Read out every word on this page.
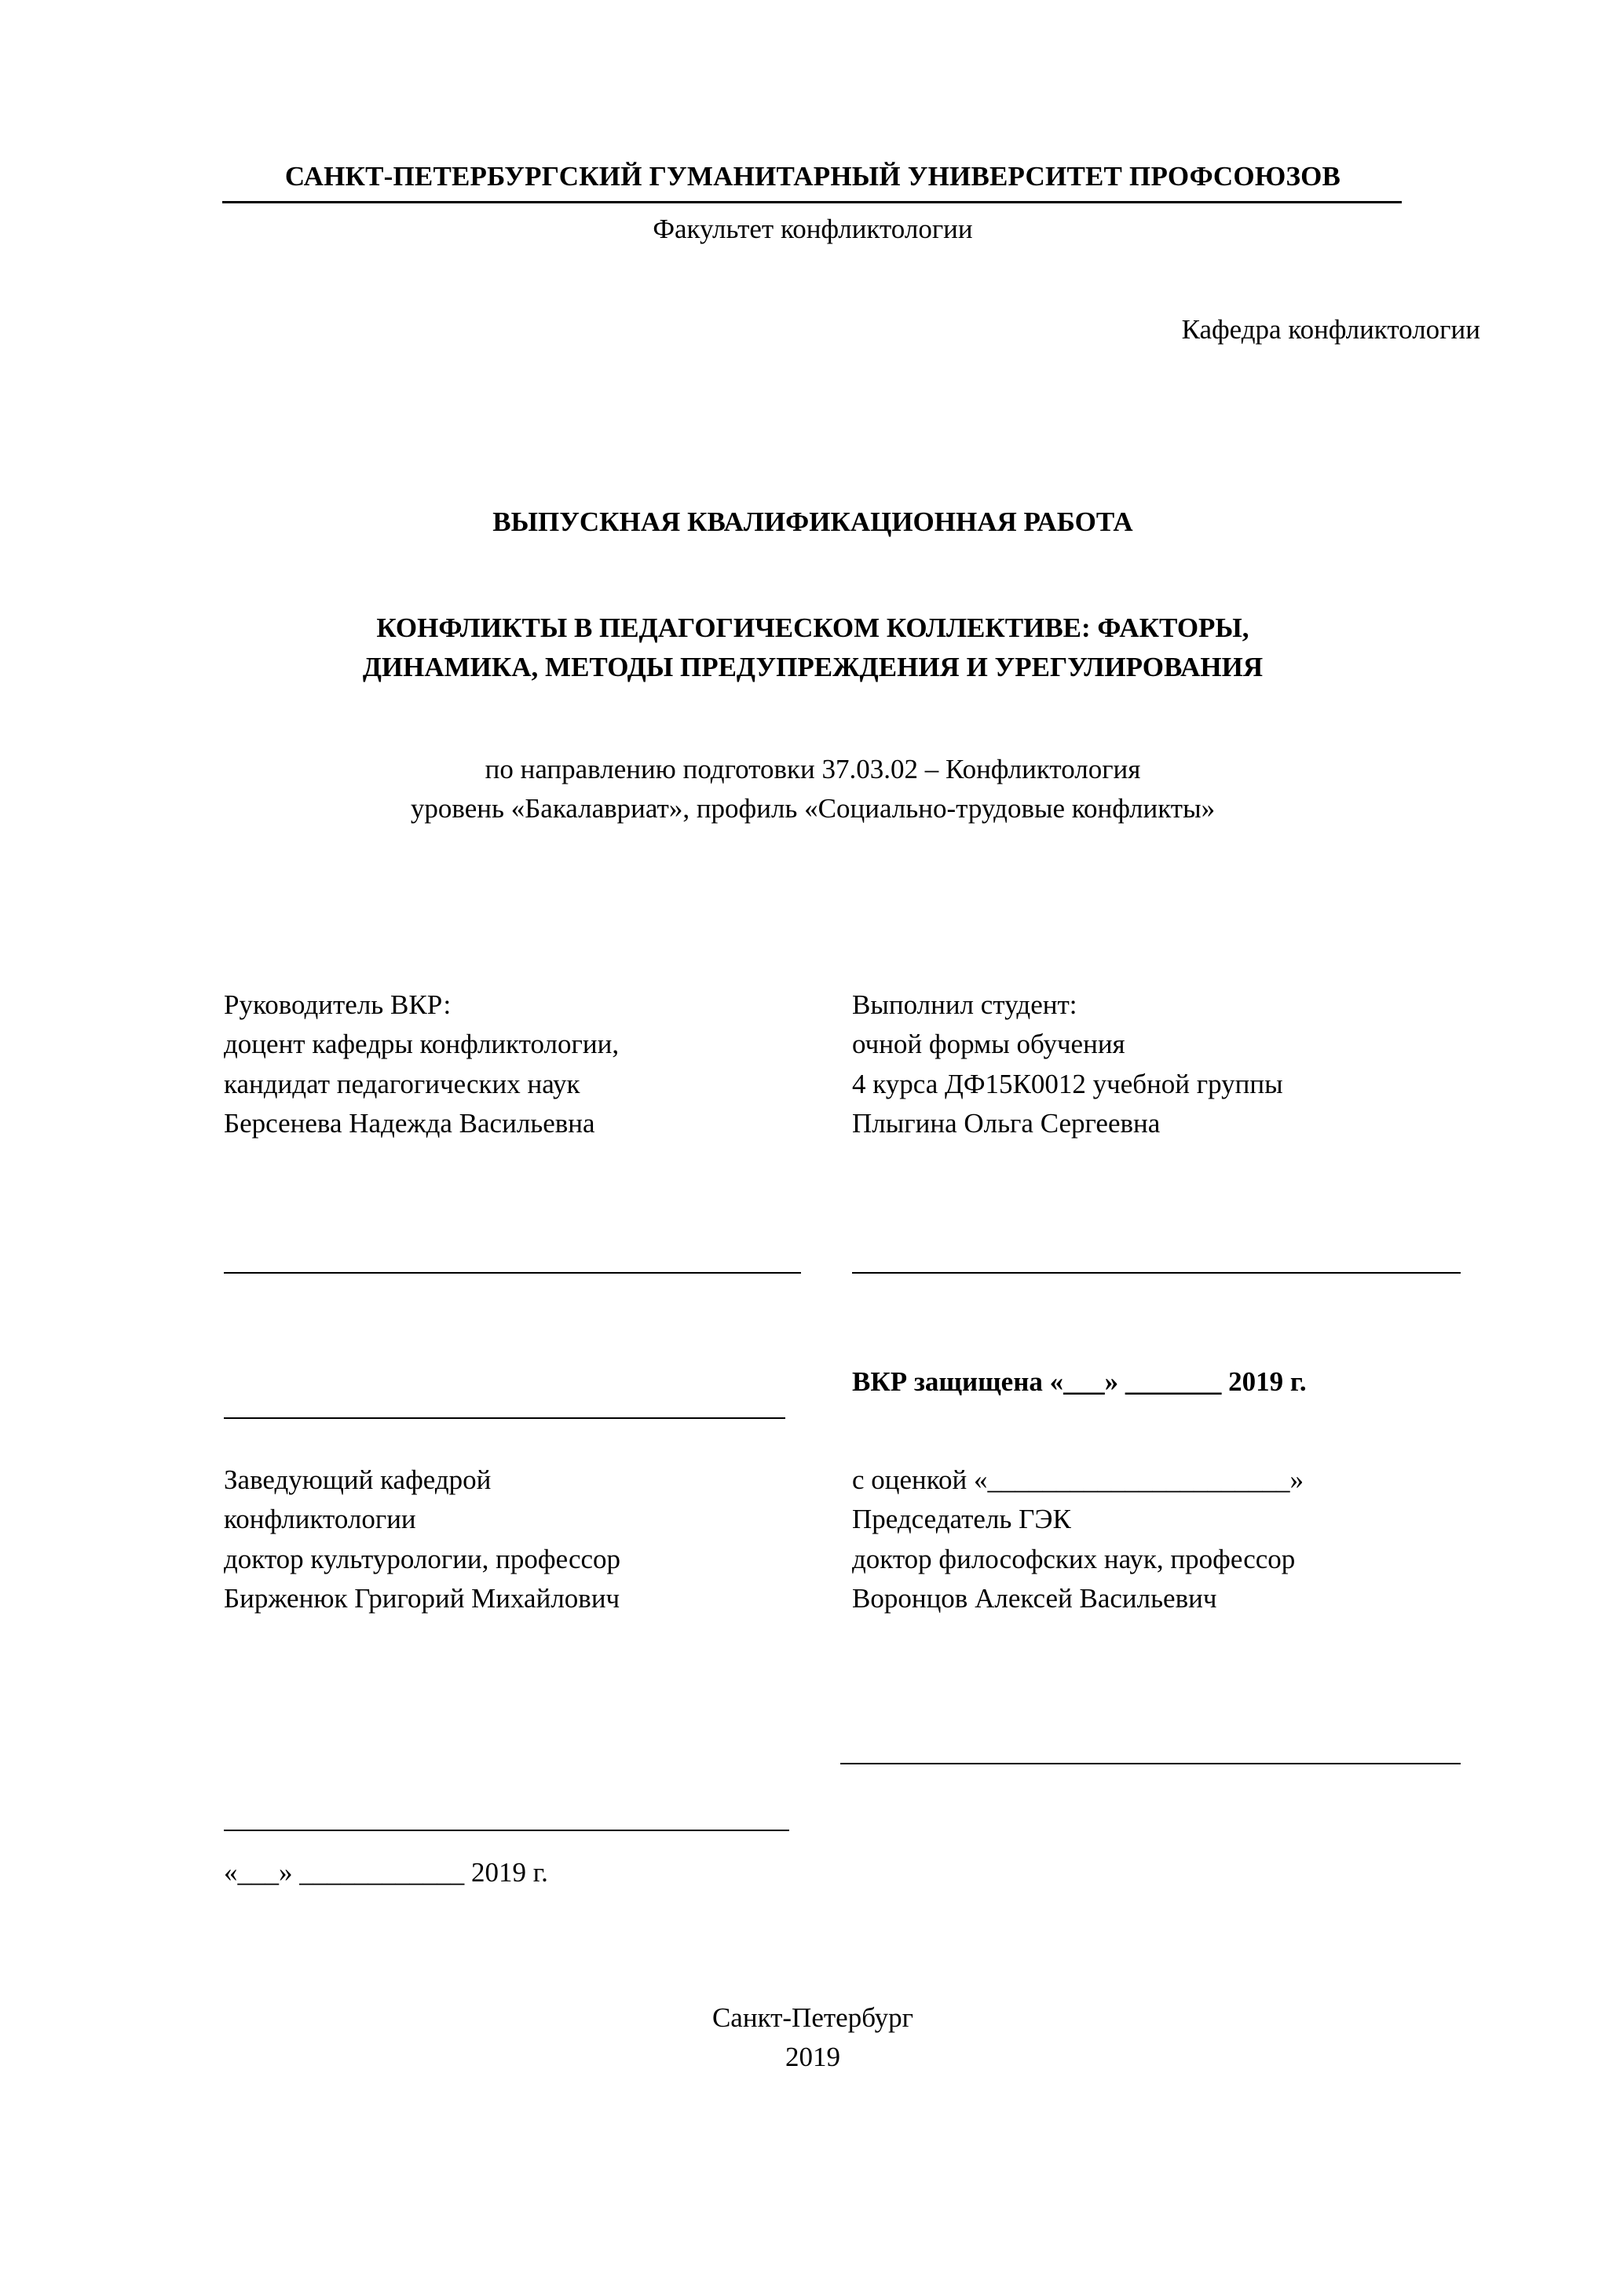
САНКТ-ПЕТЕРБУРГСКИЙ ГУМАНИТАРНЫЙ УНИВЕРСИТЕТ ПРОФСОЮЗОВ
Факультет конфликтологии
Кафедра конфликтологии
ВЫПУСКНАЯ КВАЛИФИКАЦИОННАЯ РАБОТА
КОНФЛИКТЫ В ПЕДАГОГИЧЕСКОМ КОЛЛЕКТИВЕ: ФАКТОРЫ,
ДИНАМИКА, МЕТОДЫ ПРЕДУПРЕЖДЕНИЯ И УРЕГУЛИРОВАНИЯ
по направлению подготовки 37.03.02 – Конфликтология
уровень «Бакалавриат», профиль «Социально-трудовые конфликты»
Руководитель ВКР:
доцент кафедры конфликтологии,
кандидат педагогических наук
Берсенева Надежда Васильевна
Выполнил студент:
очной формы обучения
4 курса ДФ15К0012 учебной группы
Плыгина Ольга Сергеевна
ВКР защищена «___» _______ 2019 г.
Заведующий кафедрой
конфликтологии
доктор культурологии, профессор
Бирженюк Григорий Михайлович
с оценкой «______________________»
Председатель ГЭК
доктор философских наук, профессор
Воронцов Алексей Васильевич
«___» ____________ 2019 г.
Санкт-Петербург
2019
